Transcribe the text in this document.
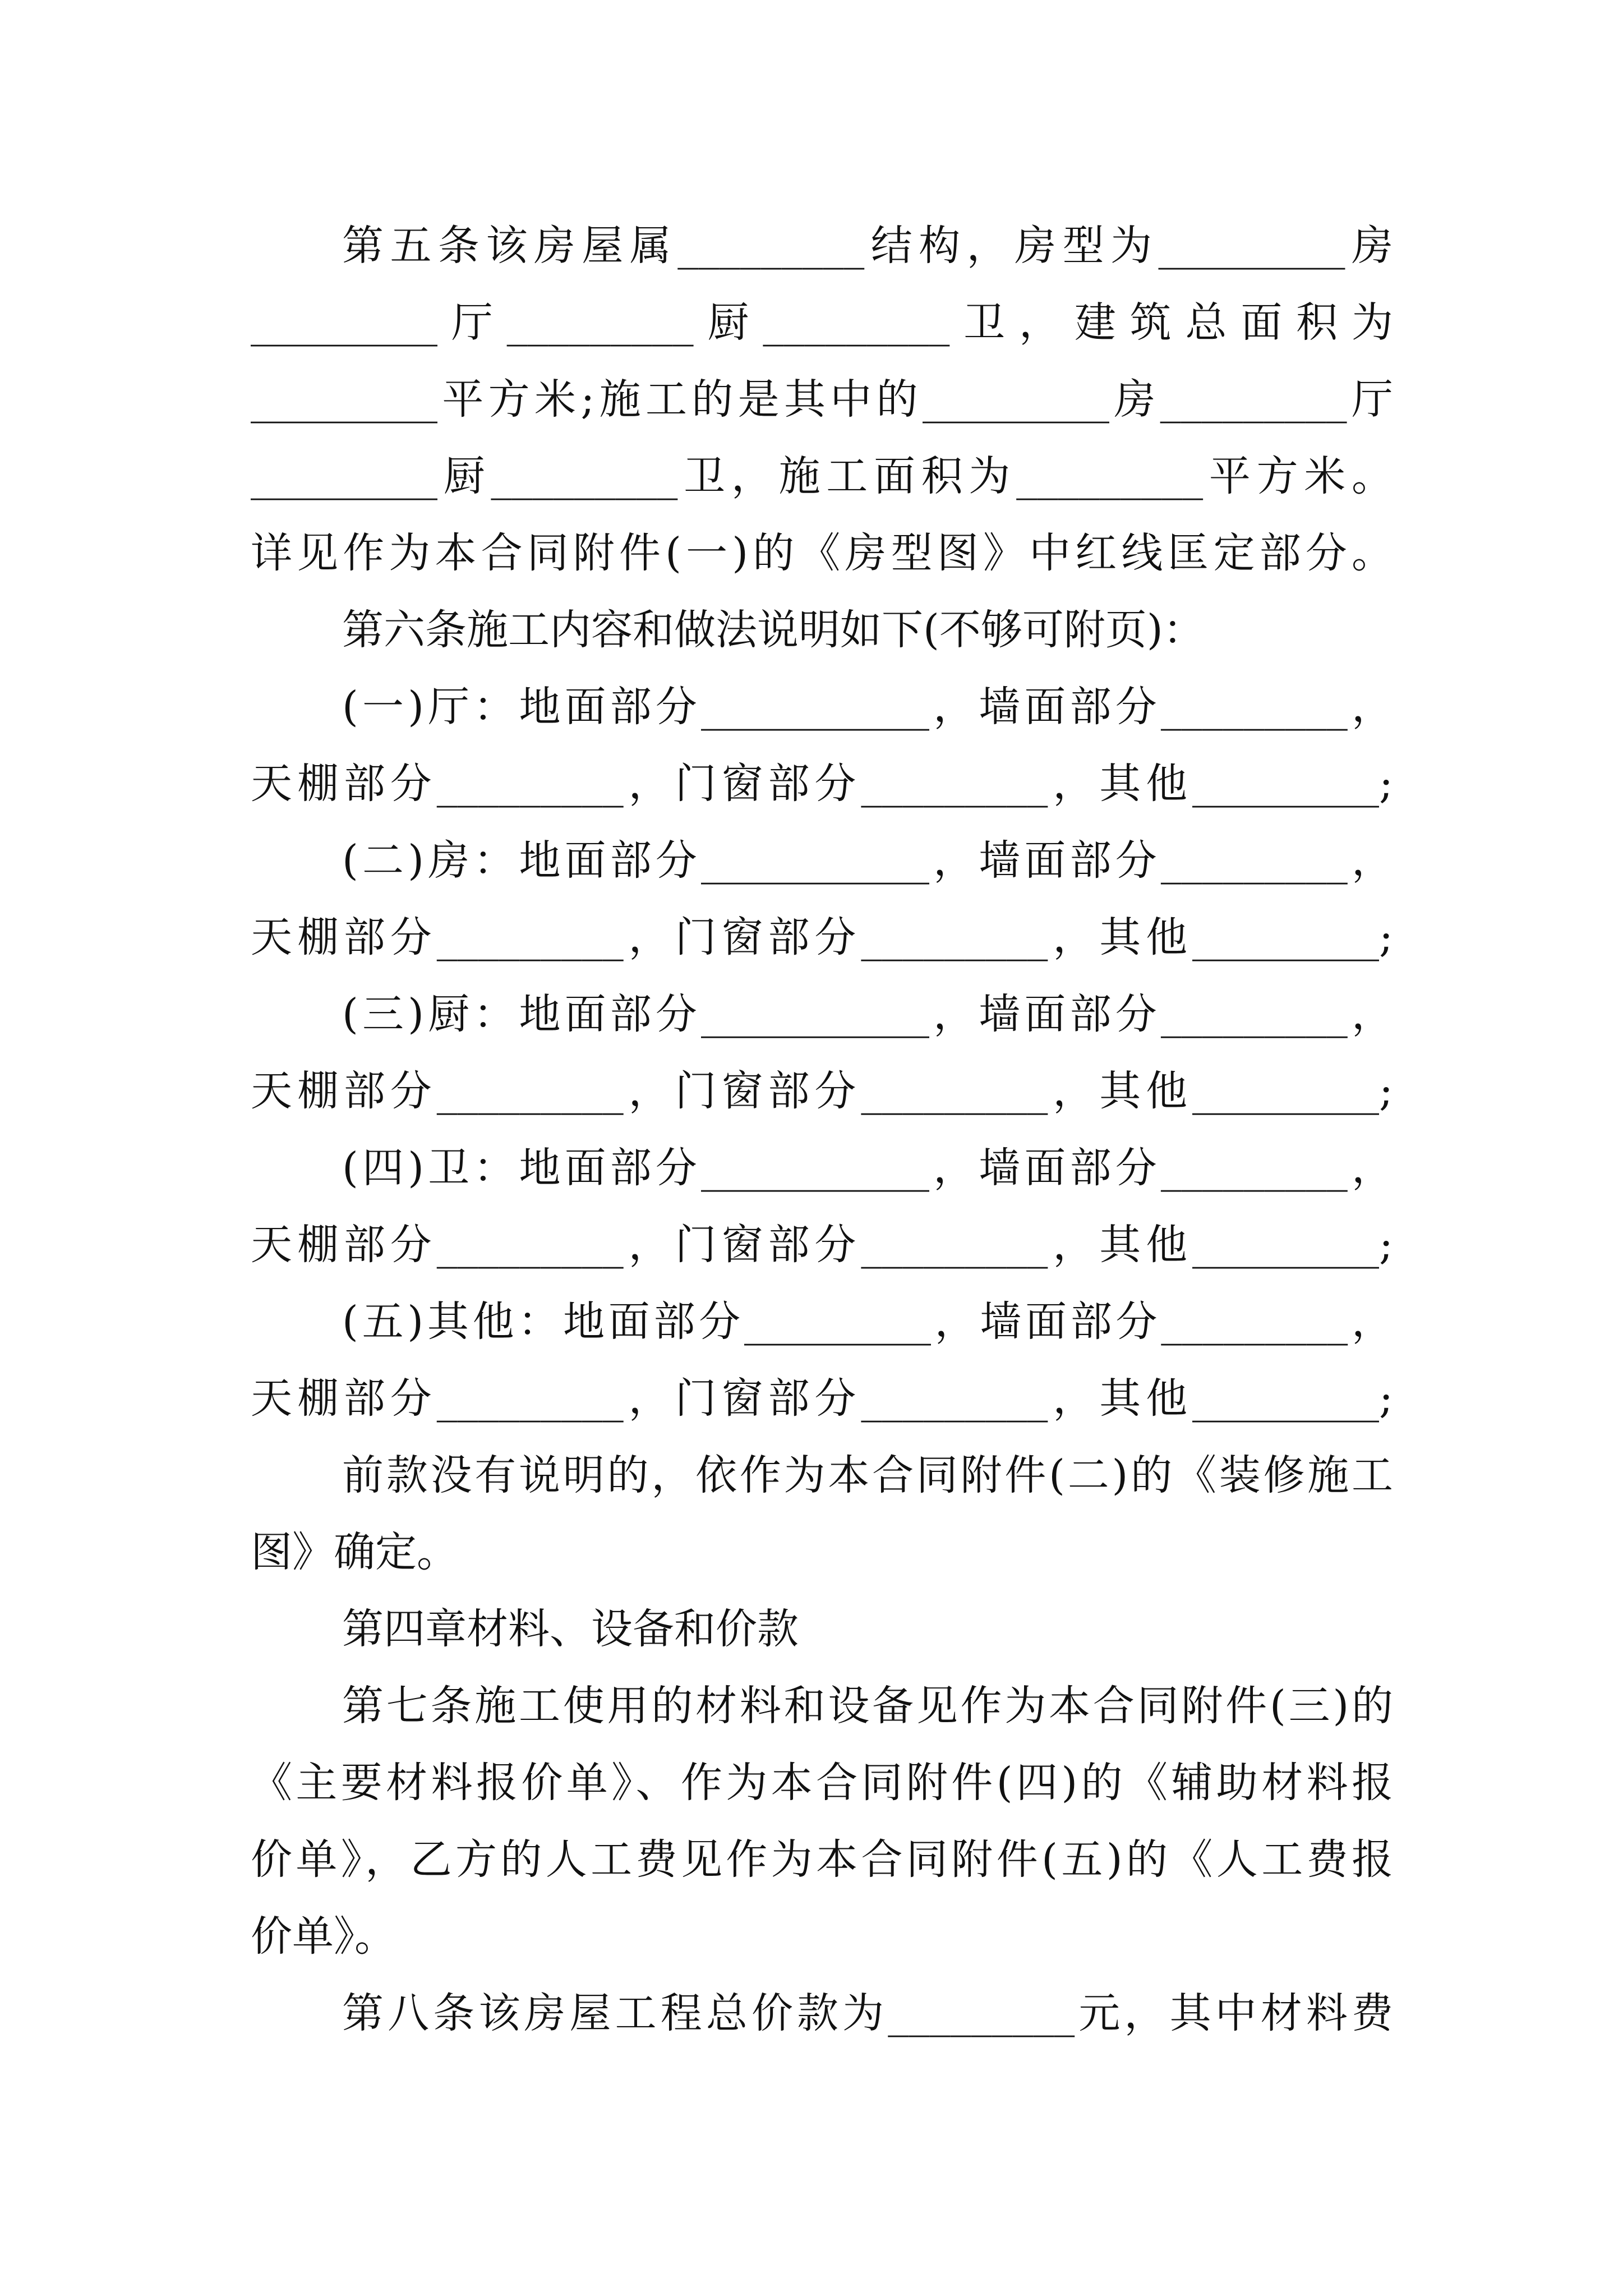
第五条该房屋属_________结构，房型为_________房
_________厅_________厨_________卫，建筑总面积为
_________平方米;施工的是其中的_________房_________厅
_________厨_________卫，施工面积为_________平方米。
详见作为本合同附件(一)的《房型图》中红线匡定部分。
第六条施工内容和做法说明如下(不够可附页)：
(一)厅：地面部分___________，墙面部分_________，
天棚部分_________，门窗部分_________，其他_________;
(二)房：地面部分___________，墙面部分_________，
天棚部分_________，门窗部分_________，其他_________;
(三)厨：地面部分___________，墙面部分_________，
天棚部分_________，门窗部分_________，其他_________;
(四)卫：地面部分___________，墙面部分_________，
天棚部分_________，门窗部分_________，其他_________;
(五)其他：地面部分_________，墙面部分_________，
天棚部分_________，门窗部分_________，其他_________;
前款没有说明的，依作为本合同附件(二)的《装修施工
图》确定。
第四章材料、设备和价款
第七条施工使用的材料和设备见作为本合同附件(三)的
《主要材料报价单》、作为本合同附件(四)的《辅助材料报
价单》，乙方的人工费见作为本合同附件(五)的《人工费报
价单》。
第八条该房屋工程总价款为_________元，其中材料费
